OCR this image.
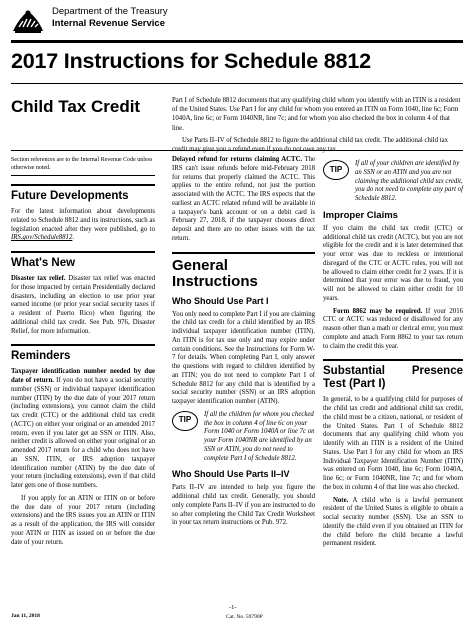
Department of the Treasury
Internal Revenue Service
2017 Instructions for Schedule 8812
Child Tax Credit	Part I of Schedule 8812 documents that any qualifying child whom you identify with an ITIN is a resident of the United States. Use Part I for any child for whom you entered an ITIN on Form 1040, line 6c; Form 1040A, line 6c; or Form 1040NR, line 7c; and for whom you also checked the box in column 4 of that line.

Use Parts II–IV of Schedule 8812 to figure the additional child tax credit. The additional child tax

Section references are to the Internal Revenue Code unless otherwise noted.
Future Developments

For the latest information about developments related to Schedule 8812 and its instructions, such as legislation enacted after they were published, go to IRS.gov/Schedule8812.

What's New

Disaster tax relief. Disaster tax relief was enacted for those impacted by certain Presidentially declared disasters, including an election to use prior year earned income (or prior year social security taxes if a resident of Puerto Rico) when figuring the additional child tax credit. See Pub. 976, Disaster Relief, for more information.

Reminders

Taxpayer identification number needed by due date of return. If you do not have a social security number (SSN) or individual taxpayer identification number (ITIN) by the due date of your 2017 return (including extensions), you cannot claim the child tax credit (CTC) or the additional child tax credit (ACTC) on either your original or an amended 2017 return, even if you later get an SSN or ITIN. Also, neither credit is allowed on either your original or an amended 2017 return for a child who does not have an SSN, ITIN, or IRS adoption taxpayer identification number (ATIN) by the due date of your return (including extensions), even if that child later gets one of those numbers.

If you apply for an ATIN or ITIN on or before the due date of your 2017 return (including extensions) and the IRS issues you an ATIN or ITIN as a result of the application, the IRS will consider your ATIN or ITIN as issued on or before the due date of your return.

Delayed refund for returns claiming ACTC. The IRS can't issue refunds before mid-February 2018 for returns that properly claimed the ACTC. This applies to the entire refund, not just the portion associated with the ACTC. The IRS expects that the earliest an ACTC related refund will be available in a taxpayer's bank account or on a debit card is February 27, 2018, if the taxpayer chooses direct deposit and there are no other issues with the tax return.

General Instructions
Who Should Use Part I

You only need to complete Part I if you are claiming the child tax credit for a child identified by an IRS individual taxpayer identification number (ITIN). An ITIN is for tax use only and may expire under certain conditions. See the Instructions for Form W-7 for details. When completing Part I, only answer the questions with regard to children identified by an ITIN; you do not need to complete Part I of Schedule 8812 for any child that is identified by a social security number (SSN) or an IRS adoption taxpayer identification number (ATIN).

TIP
If all the children for whom you checked the box in column 4 of line 6c on your Form 1040 or Form 1040A or line 7c on your Form 1040NR are identified by an SSN or ATIN, you do not need to complete Part I of Schedule 8812.
Who Should Use Parts II–IV

Parts II–IV are intended to help you figure the additional child tax credit. Generally, you should only complete Parts II–IV if you are instructed to do so after completing the Child Tax Credit Worksheet in your tax return instructions or Pub. 972.

TIP
If all of your children are identified by an SSN or an ATIN and you are not claiming the additional child tax credit, you do not need to complete any part of Schedule 8812.
Improper Claims

If you claim the child tax credit (CTC) or additional child tax credit (ACTC), but you are not eligible for the credit and it is later determined that your error was due to reckless or intentional disregard of the CTC or ACTC rules, you will not be allowed to claim either credit for 2 years. If it is determined that your error was due to fraud, you will not be allowed to claim either credit for 10 years.

Form 8862 may be required. If your 2016 CTC or ACTC was reduced or disallowed for any reason other than a math or clerical error, you must complete and attach Form 8862 to your tax return to claim the credit this year.

Substantial Presence Test (Part I)

In general, to be a qualifying child for purposes of the child tax credit and additional child tax credit, the child must be a citizen, national, or resident of the United States. Part I of Schedule 8812 documents that any qualifying child whom you identify with an ITIN is a resident of the United States. Use Part I for any child for whom an IRS Individual Taxpayer Identification Number (ITIN) was entered on Form 1040, line 6c; Form 1040A, line 6c; or Form 1040NR, line 7c; and for whom the box in column 4 of that line was also checked.

Note. A child who is a lawful permanent resident of the United States is eligible to obtain a social security number (SSN). Use an SSN to identify the child even if you obtained an ITIN for the child before the child became a lawful permanent resident.

Jan 11, 2018
-1-
Cat. No. 59790P
